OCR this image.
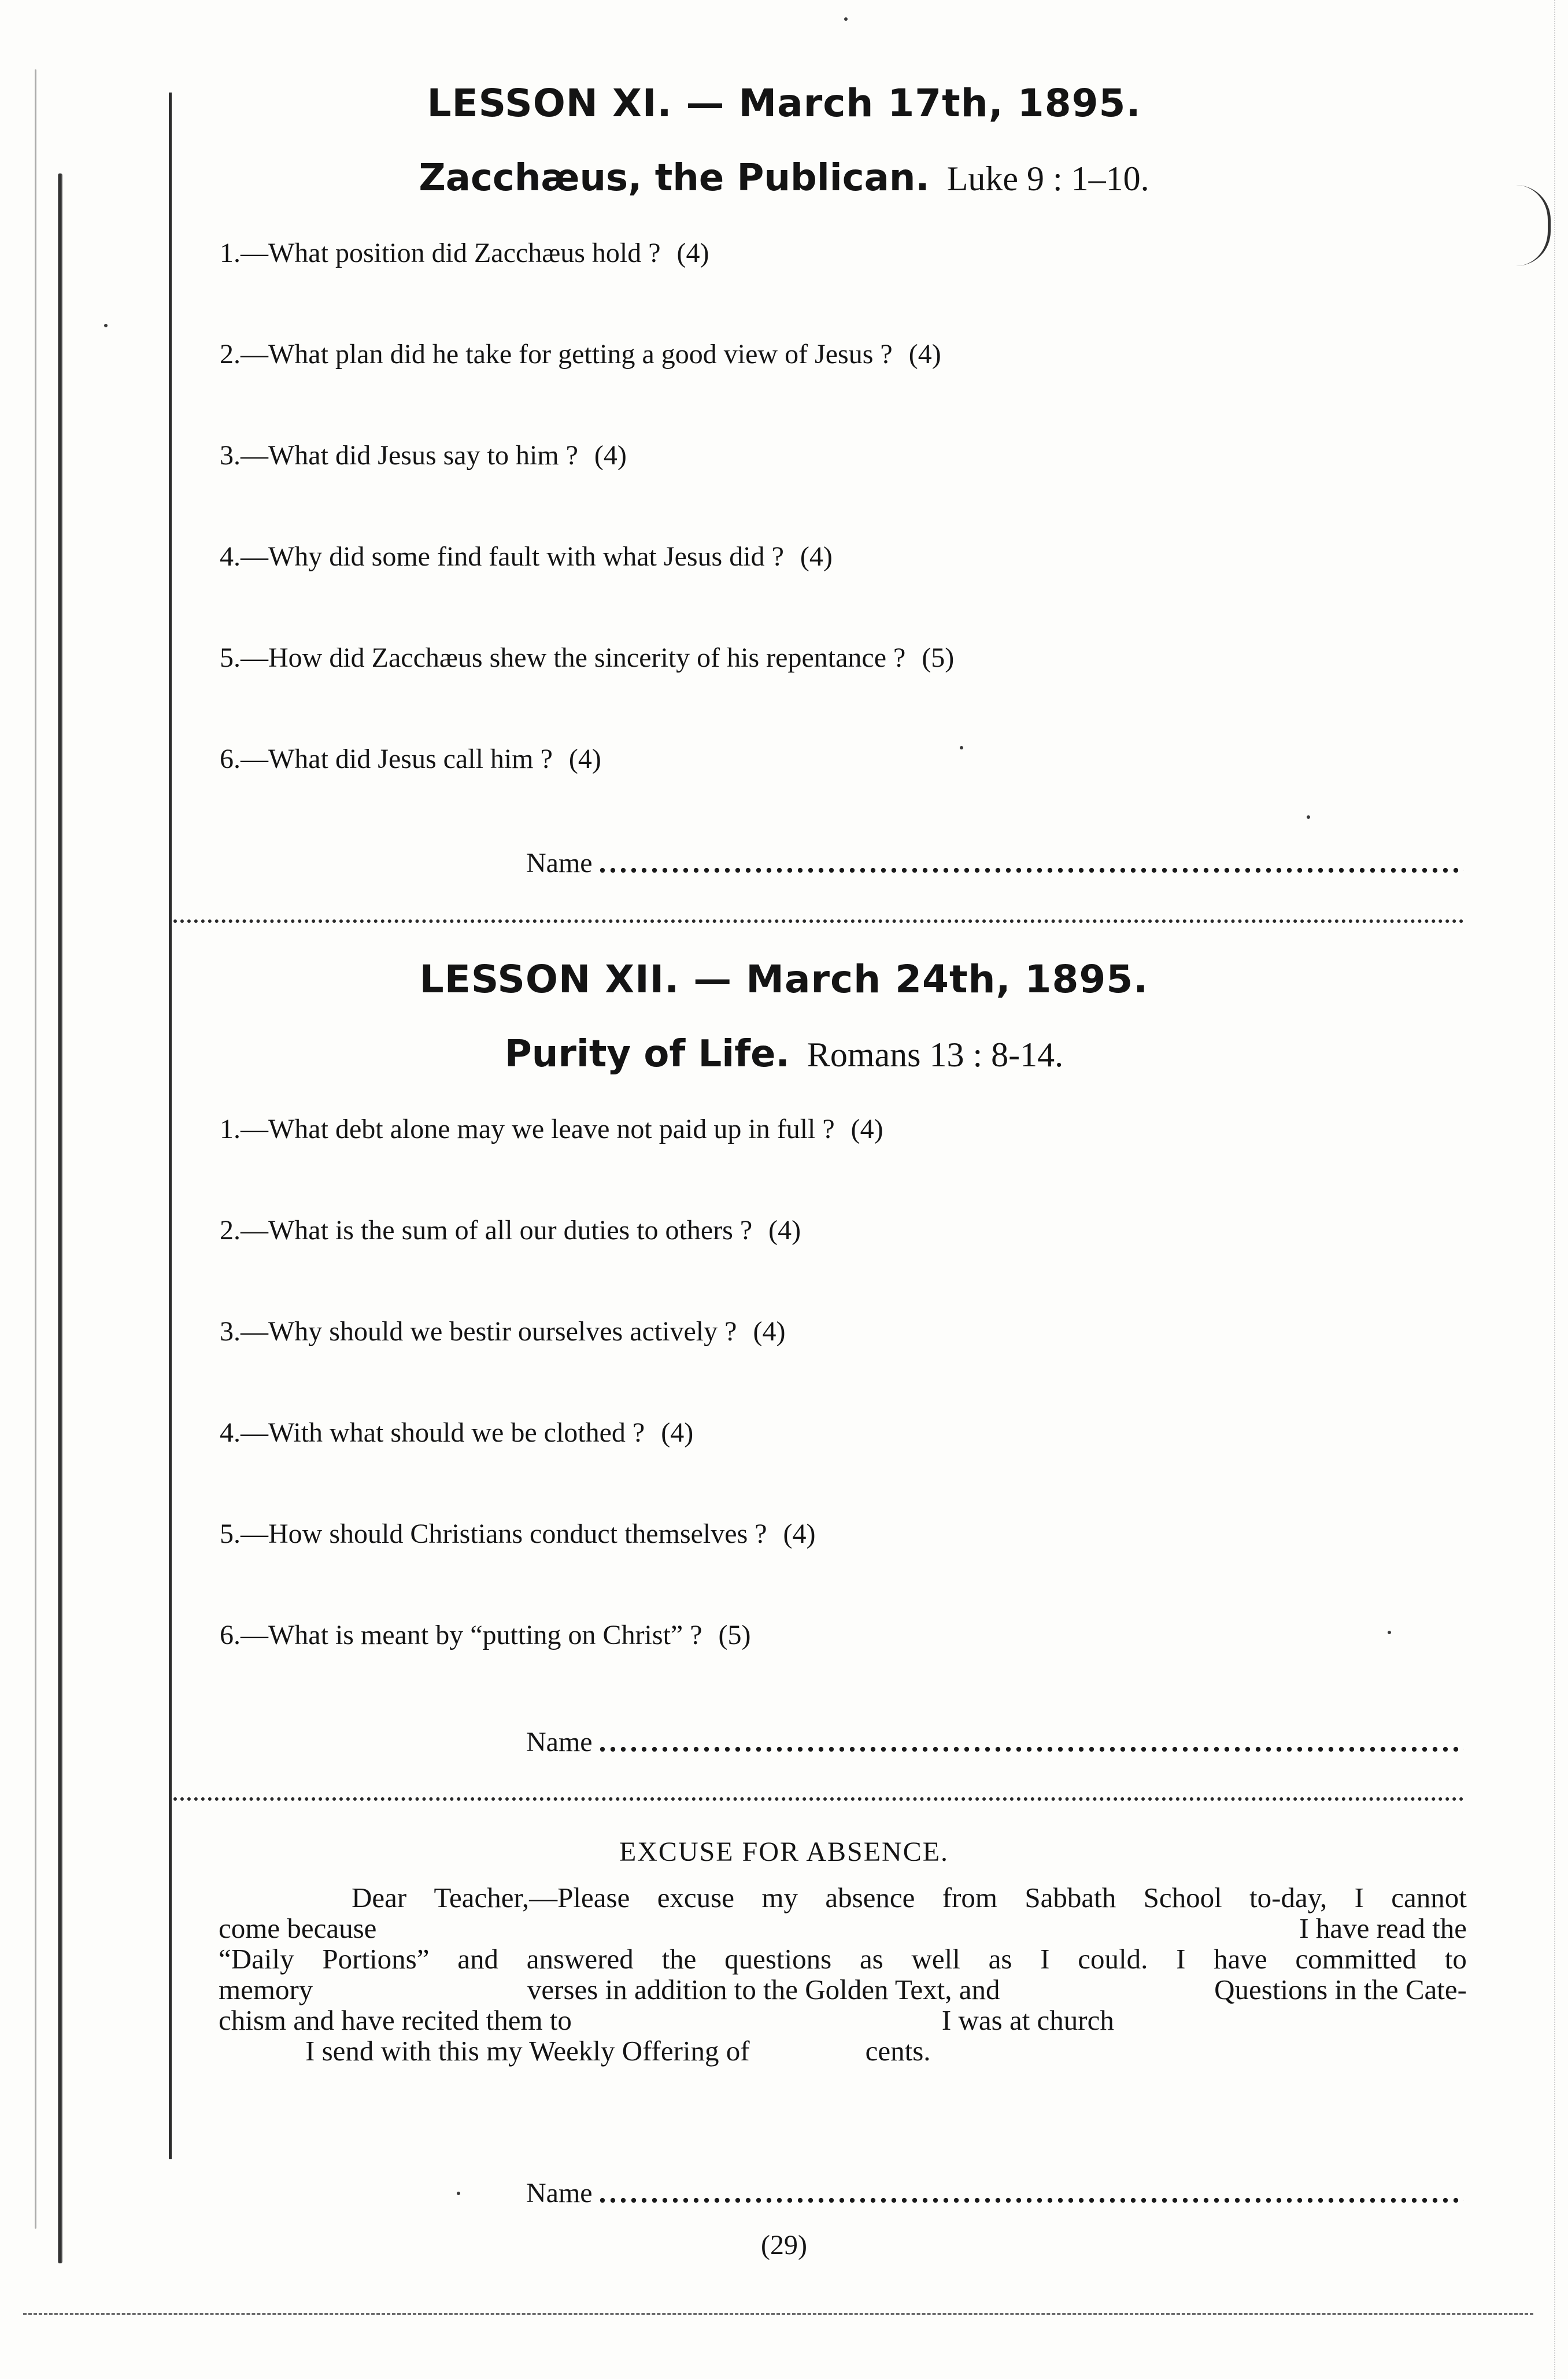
LESSON XI. — March 17th, 1895.
Zacchæus, the Publican. Luke 9 : 1–10.
1.—What position did Zacchæus hold ? (4)
2.—What plan did he take for getting a good view of Jesus ? (4)
3.—What did Jesus say to him ? (4)
4.—Why did some find fault with what Jesus did ? (4)
5.—How did Zacchæus shew the sincerity of his repentance ? (5)
6.—What did Jesus call him ? (4)
Name
LESSON XII. — March 24th, 1895.
Purity of Life. Romans 13 : 8-14.
1.—What debt alone may we leave not paid up in full ? (4)
2.—What is the sum of all our duties to others ? (4)
3.—Why should we bestir ourselves actively ? (4)
4.—With what should we be clothed ? (4)
5.—How should Christians conduct themselves ? (4)
6.—What is meant by “putting on Christ” ? (5)
Name
EXCUSE FOR ABSENCE.
Dear Teacher,—Please excuse my absence from Sabbath School to-day, I cannot
come because	I have read the
“Daily Portions” and answered the questions as well as I could. I have committed to
memory	verses in addition to the Golden Text, and	Questions in the Cate-
chism and have recited them to	I was at church
I send with this my Weekly Offering of	cents.
Name
(29)
